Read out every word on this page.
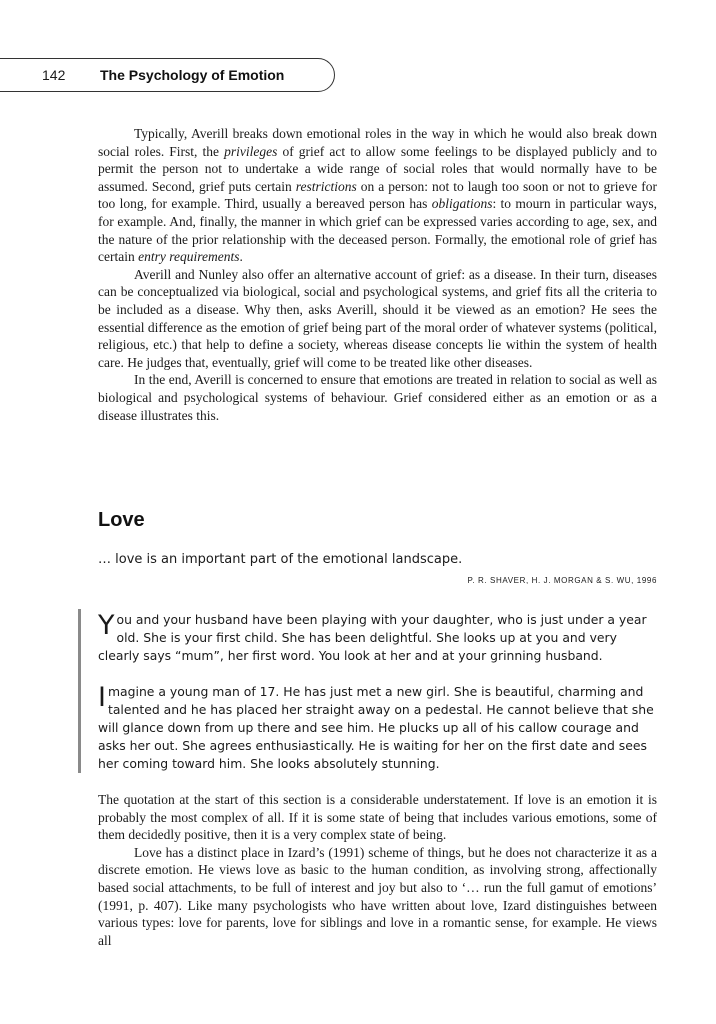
142 The Psychology of Emotion

Typically, Averill breaks down emotional roles in the way in which he would also break down social roles. First, the privileges of grief act to allow some feelings to be displayed publicly and to permit the person not to undertake a wide range of social roles that would normally have to be assumed. Second, grief puts certain restrictions on a person: not to laugh too soon or not to grieve for too long, for example. Third, usually a bereaved person has obligations: to mourn in particular ways, for example. And, finally, the manner in which grief can be expressed varies according to age, sex, and the nature of the prior relationship with the deceased person. Formally, the emotional role of grief has certain entry requirements.

Averill and Nunley also offer an alternative account of grief: as a disease. In their turn, diseases can be conceptualized via biological, social and psychological systems, and grief fits all the criteria to be included as a disease. Why then, asks Averill, should it be viewed as an emotion? He sees the essential difference as the emotion of grief being part of the moral order of whatever systems (political, religious, etc.) that help to define a society, whereas disease concepts lie within the system of health care. He judges that, eventually, grief will come to be treated like other diseases.

In the end, Averill is concerned to ensure that emotions are treated in relation to social as well as biological and psychological systems of behaviour. Grief considered either as an emotion or as a disease illustrates this.

Love

… love is an important part of the emotional landscape.

P. R. SHAVER, H. J. MORGAN & S. WU, 1996

You and your husband have been playing with your daughter, who is just under a year old. She is your first child. She has been delightful. She looks up at you and very clearly says “mum”, her first word. You look at her and at your grinning husband.

Imagine a young man of 17. He has just met a new girl. She is beautiful, charming and talented and he has placed her straight away on a pedestal. He cannot believe that she will glance down from up there and see him. He plucks up all of his callow courage and asks her out. She agrees enthusiastically. He is waiting for her on the first date and sees her coming toward him. She looks absolutely stunning.

The quotation at the start of this section is a considerable understatement. If love is an emotion it is probably the most complex of all. If it is some state of being that includes various emotions, some of them decidedly positive, then it is a very complex state of being.

Love has a distinct place in Izard’s (1991) scheme of things, but he does not characterize it as a discrete emotion. He views love as basic to the human condition, as involving strong, affectionally based social attachments, to be full of interest and joy but also to ‘… run the full gamut of emotions’ (1991, p. 407). Like many psychologists who have written about love, Izard distinguishes between various types: love for parents, love for siblings and love in a romantic sense, for example. He views all
